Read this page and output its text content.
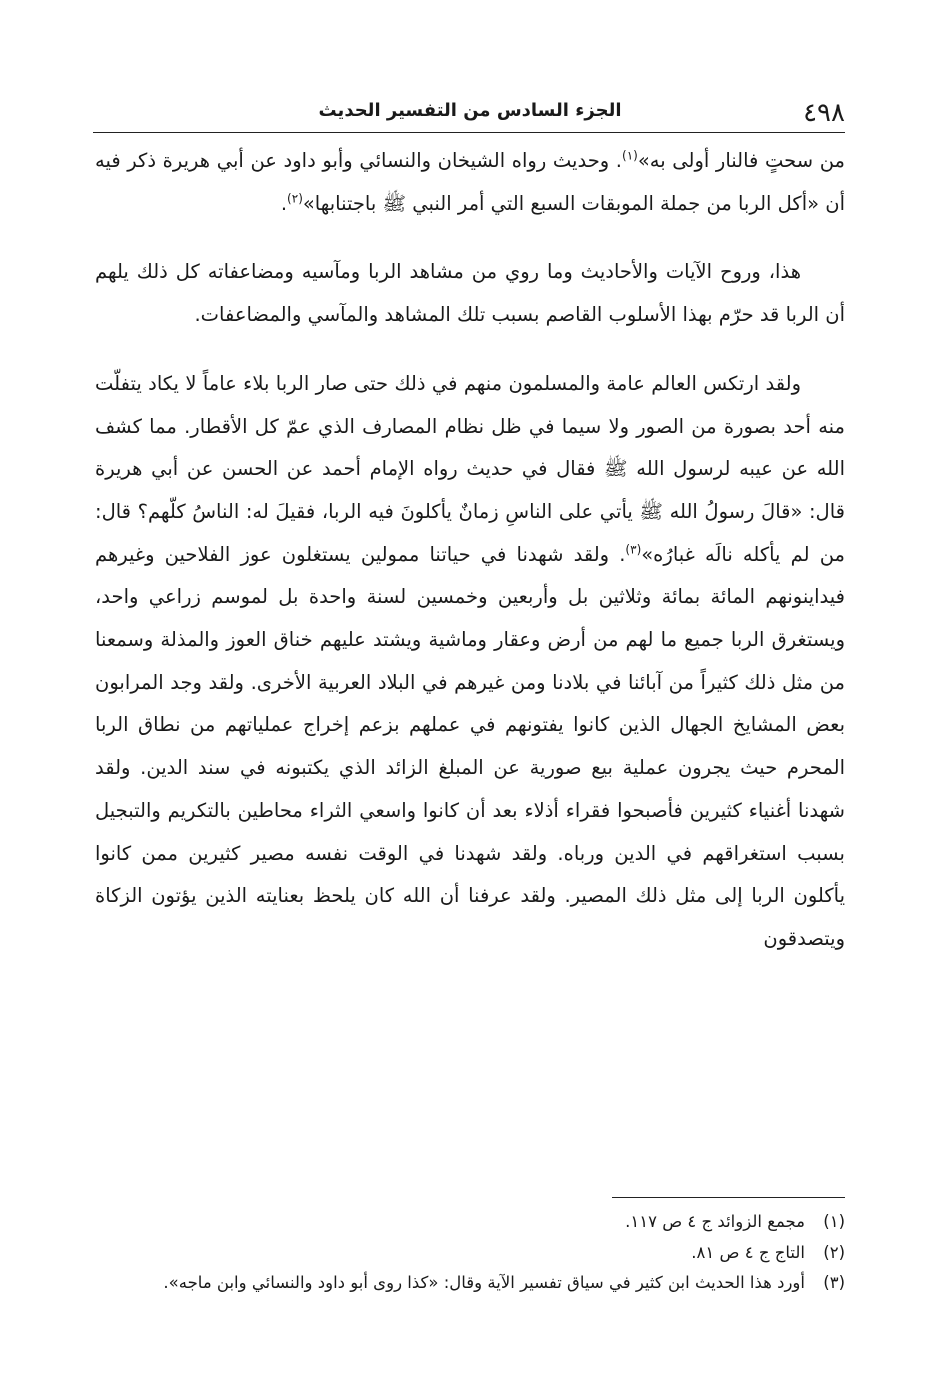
٤٩٨
الجزء السادس من التفسير الحديث

من سحتٍ فالنار أولى به»$^{(١)}$. وحديث رواه الشيخان والنسائي وأبو داود عن أبي هريرة ذكر فيه أن «أكل الربا من جملة الموبقات السبع التي أمر النبي ﷺ باجتنابها»$^{(٢)}$.

هذا، وروح الآيات والأحاديث وما روي من مشاهد الربا ومآسيه ومضاعفاته كل ذلك يلهم أن الربا قد حرّم بهذا الأسلوب القاصم بسبب تلك المشاهد والمآسي والمضاعفات.

ولقد ارتكس العالم عامة والمسلمون منهم في ذلك حتى صار الربا بلاء عاماً لا يكاد يتفلّت منه أحد بصورة من الصور ولا سيما في ظل نظام المصارف الذي عمّ كل الأقطار. مما كشف الله عن عيبه لرسول الله ﷺ فقال في حديث رواه الإمام أحمد عن الحسن عن أبي هريرة قال: «قالَ رسولُ الله ﷺ يأتي على الناسِ زمانٌ يأكلونَ فيه الربا، فقيلَ له: الناسُ كلّهم؟ قال: من لم يأكله نالَه غبارُه»$^{(٣)}$. ولقد شهدنا في حياتنا ممولين يستغلون عوز الفلاحين وغيرهم فيداينونهم المائة بمائة وثلاثين بل وأربعين وخمسين لسنة واحدة بل لموسم زراعي واحد، ويستغرق الربا جميع ما لهم من أرض وعقار وماشية ويشتد عليهم خناق العوز والمذلة وسمعنا من مثل ذلك كثيراً من آبائنا في بلادنا ومن غيرهم في البلاد العربية الأخرى. ولقد وجد المرابون بعض المشايخ الجهال الذين كانوا يفتونهم في عملهم بزعم إخراج عملياتهم من نطاق الربا المحرم حيث يجرون عملية بيع صورية عن المبلغ الزائد الذي يكتبونه في سند الدين. ولقد شهدنا أغنياء كثيرين فأصبحوا فقراء أذلاء بعد أن كانوا واسعي الثراء محاطين بالتكريم والتبجيل بسبب استغراقهم في الدين ورباه. ولقد شهدنا في الوقت نفسه مصير كثيرين ممن كانوا يأكلون الربا إلى مثل ذلك المصير. ولقد عرفنا أن الله كان يلحظ بعنايته الذين يؤتون الزكاة ويتصدقون

(١)
مجمع الزوائد ج ٤ ص ١١٧.
(٢)
التاج ج ٤ ص ٨١.
(٣)
أورد هذا الحديث ابن كثير في سياق تفسير الآية وقال: «كذا روى أبو داود والنسائي وابن ماجه».
